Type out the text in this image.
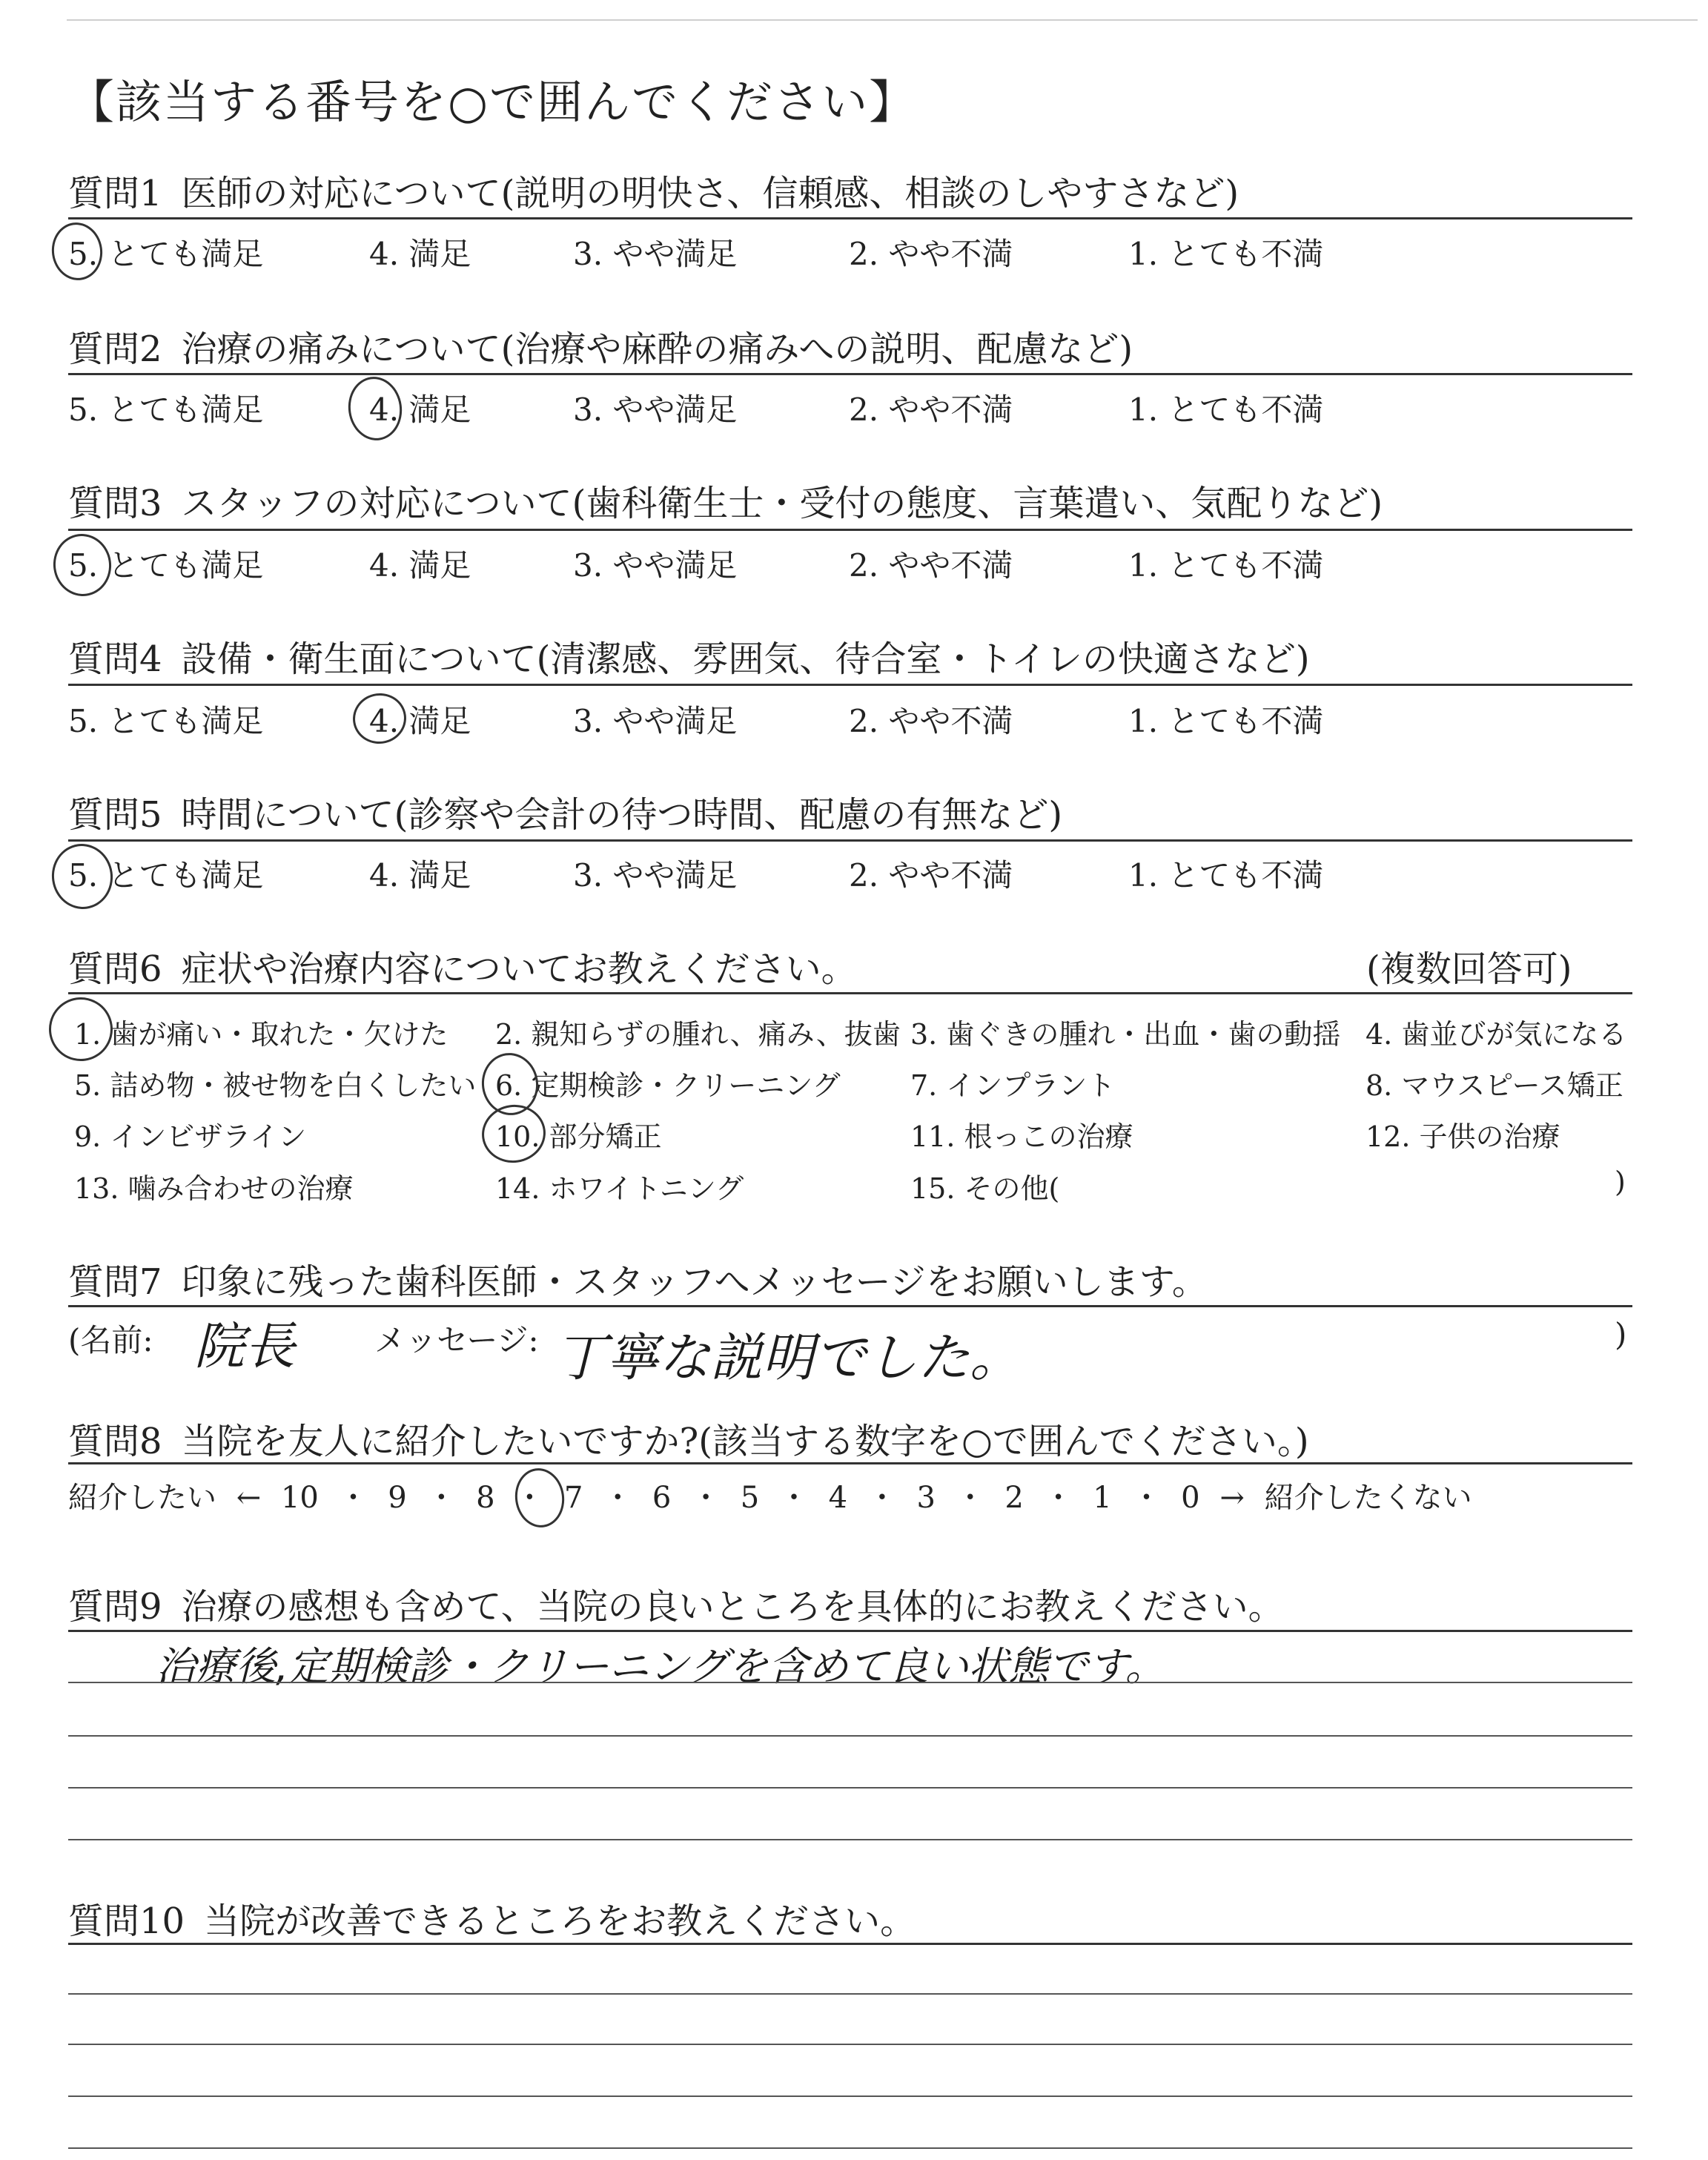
【該当する番号を○で囲んでください】
質問1 医師の対応について(説明の明快さ、信頼感、相談のしやすさなど)
5. とても満足	4. 満足	3. やや満足	2. やや不満	1. とても不満
質問2 治療の痛みについて(治療や麻酔の痛みへの説明、配慮など)
5. とても満足	4. 満足	3. やや満足	2. やや不満	1. とても不満
質問3 スタッフの対応について(歯科衛生士・受付の態度、言葉遣い、気配りなど)
5. とても満足	4. 満足	3. やや満足	2. やや不満	1. とても不満
質問4 設備・衛生面について(清潔感、雰囲気、待合室・トイレの快適さなど)
5. とても満足	4. 満足	3. やや満足	2. やや不満	1. とても不満
質問5 時間について(診察や会計の待つ時間、配慮の有無など)
5. とても満足	4. 満足	3. やや満足	2. やや不満	1. とても不満
質問6 症状や治療内容についてお教えください。	(複数回答可)
1. 歯が痛い・取れた・欠けた 2. 親知らずの腫れ、痛み、抜歯 3. 歯ぐきの腫れ・出血・歯の動揺 4. 歯並びが気になる
5. 詰め物・被せ物を白くしたい 6. 定期検診・クリーニング 7. インプラント	8. マウスピース矯正
9. インビザライン	10. 部分矯正	11. 根っこの治療	12. 子供の治療
13. 噛み合わせの治療	14. ホワイトニング	15. その他(	)
質問7 印象に残った歯科医師・スタッフへメッセージをお願いします。
(名前: 院長	メッセージ: 丁寧な説明でした。	)
質問8 当院を友人に紹介したいですか?(該当する数字を○で囲んでください。)
紹介したい ← 10 ・ 9 ・ 8 ・ 7 ・ 6 ・ 5 ・ 4 ・ 3 ・ 2 ・ 1 ・ 0 → 紹介したくない
質問9 治療の感想も含めて、当院の良いところを具体的にお教えください。
治療後,定期検診・クリーニングを含めて良い状態です。
質問10 当院が改善できるところをお教えください。
